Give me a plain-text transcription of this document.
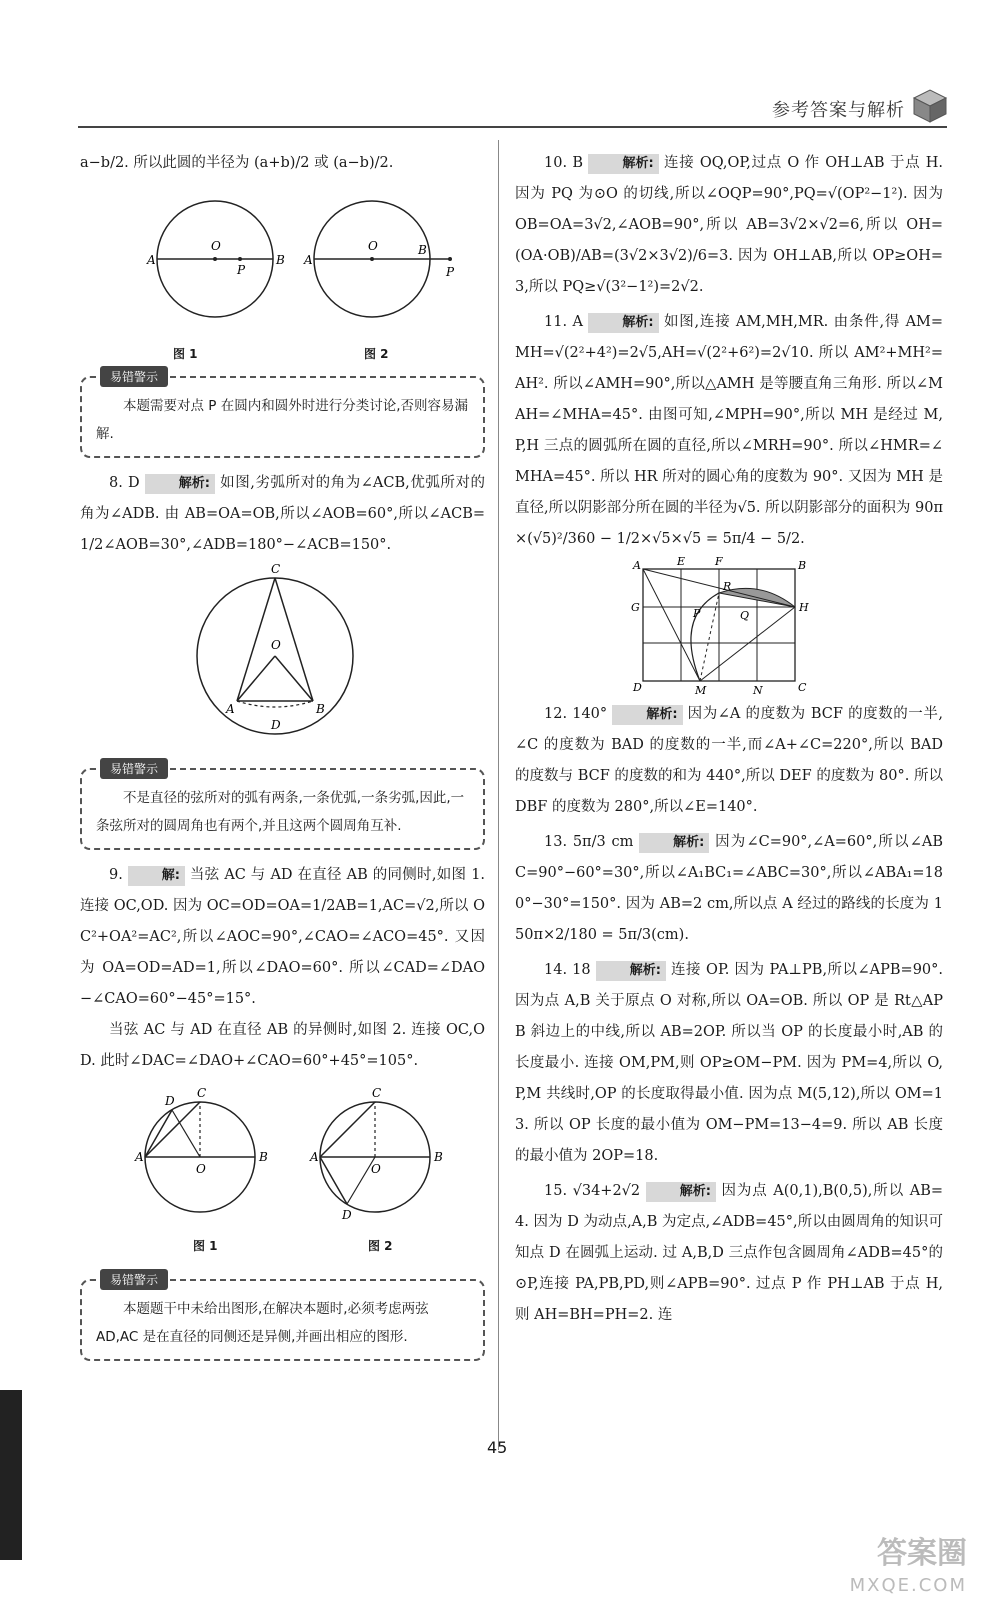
参考答案与解析

a−b/2. 所以此圆的半径为 (a+b)/2 或 (a−b)/2.

A
O
P
B A
O	B
P
图 1	图 2
易错警示

本题需要对点 P 在圆内和圆外时进行分类讨论,否则容易漏解.

8. D	解析: 如图,劣弧所对的角为∠ACB,优弧所对的角为∠ADB. 由 AB=OA=OB,所以∠AOB=60°,所以∠ACB=1/2∠AOB=30°,∠ADB=180°−∠ACB=150°.

C
O
A	B
D
易错警示

不是直径的弦所对的弧有两条,一条优弧,一条劣弧,因此,一条弦所对的圆周角也有两个,并且这两个圆周角互补.

9.	解: 当弦 AC 与 AD 在直径 AB 的同侧时,如图 1. 连接 OC,OD. 因为 OC=OD=OA=1/2AB=1,AC=√2,所以 OC²+OA²=AC²,所以∠AOC=90°,∠CAO=∠ACO=45°. 又因为 OA=OD=AD=1,所以∠DAO=60°. 所以∠CAD=∠DAO−∠CAO=60°−45°=15°.

当弦 AC 与 AD 在直径 AB 的异侧时,如图 2. 连接 OC,OD. 此时∠DAC=∠DAO+∠CAO=60°+45°=105°.

D
C
A
O
B
C
A
O
B
D
图 1	图 2
易错警示

本题题干中未给出图形,在解决本题时,必须考虑两弦 AD,AC 是在直径的同侧还是异侧,并画出相应的图形.

10. B	解析: 连接 OQ,OP,过点 O 作 OH⊥AB 于点 H. 因为 PQ 为⊙O 的切线,所以∠OQP=90°,PQ=√(OP²−1²). 因为 OB=OA=3√2,∠AOB=90°,所以 AB=3√2×√2=6,所以 OH=(OA·OB)/AB=(3√2×3√2)/6=3. 因为 OH⊥AB,所以 OP≥OH=3,所以 PQ≥√(3²−1²)=2√2.

11. A	解析: 如图,连接 AM,MH,MR. 由条件,得 AM=MH=√(2²+4²)=2√5,AH=√(2²+6²)=2√10. 所以 AM²+MH²=AH². 所以∠AMH=90°,所以△AMH 是等腰直角三角形. 所以∠MAH=∠MHA=45°. 由图可知,∠MPH=90°,所以 MH 是经过 M,P,H 三点的圆弧所在圆的直径,所以∠MRH=90°. 所以∠HMR=∠MHA=45°. 所以 HR 所对的圆心角的度数为 90°. 又因为 MH 是直径,所以阴影部分所在圆的半径为√5. 所以阴影部分的面积为 90π×(√5)²/360 − 1/2×√5×√5 = 5π/4 − 5/2.

A	E	F	B
R
G	P	Q
H
D	M	N	C

12. 140°	解析: 因为∠A 的度数为 BCF 的度数的一半,∠C 的度数为 BAD 的度数的一半,而∠A+∠C=220°,所以 BAD 的度数与 BCF 的度数的和为 440°,所以 DEF 的度数为 80°. 所以 DBF 的度数为 280°,所以∠E=140°.

13. 5π/3 cm	解析: 因为∠C=90°,∠A=60°,所以∠ABC=90°−60°=30°,所以∠A₁BC₁=∠ABC=30°,所以∠ABA₁=180°−30°=150°. 因为 AB=2 cm,所以点 A 经过的路线的长度为 150π×2/180 = 5π/3(cm).

14. 18	解析: 连接 OP. 因为 PA⊥PB,所以∠APB=90°. 因为点 A,B 关于原点 O 对称,所以 OA=OB. 所以 OP 是 Rt△APB 斜边上的中线,所以 AB=2OP. 所以当 OP 的长度最小时,AB 的长度最小. 连接 OM,PM,则 OP≥OM−PM. 因为 PM=4,所以 O,P,M 共线时,OP 的长度取得最小值. 因为点 M(5,12),所以 OM=13. 所以 OP 长度的最小值为 OM−PM=13−4=9. 所以 AB 长度的最小值为 2OP=18.

15. √34+2√2	解析: 因为点 A(0,1),B(0,5),所以 AB=4. 因为 D 为动点,A,B 为定点,∠ADB=45°,所以由圆周角的知识可知点 D 在圆弧上运动. 过 A,B,D 三点作包含圆周角∠ADB=45°的⊙P,连接 PA,PB,PD,则∠APB=90°. 过点 P 作 PH⊥AB 于点 H,则 AH=BH=PH=2. 连

45
答案圈
MXQE.COM
